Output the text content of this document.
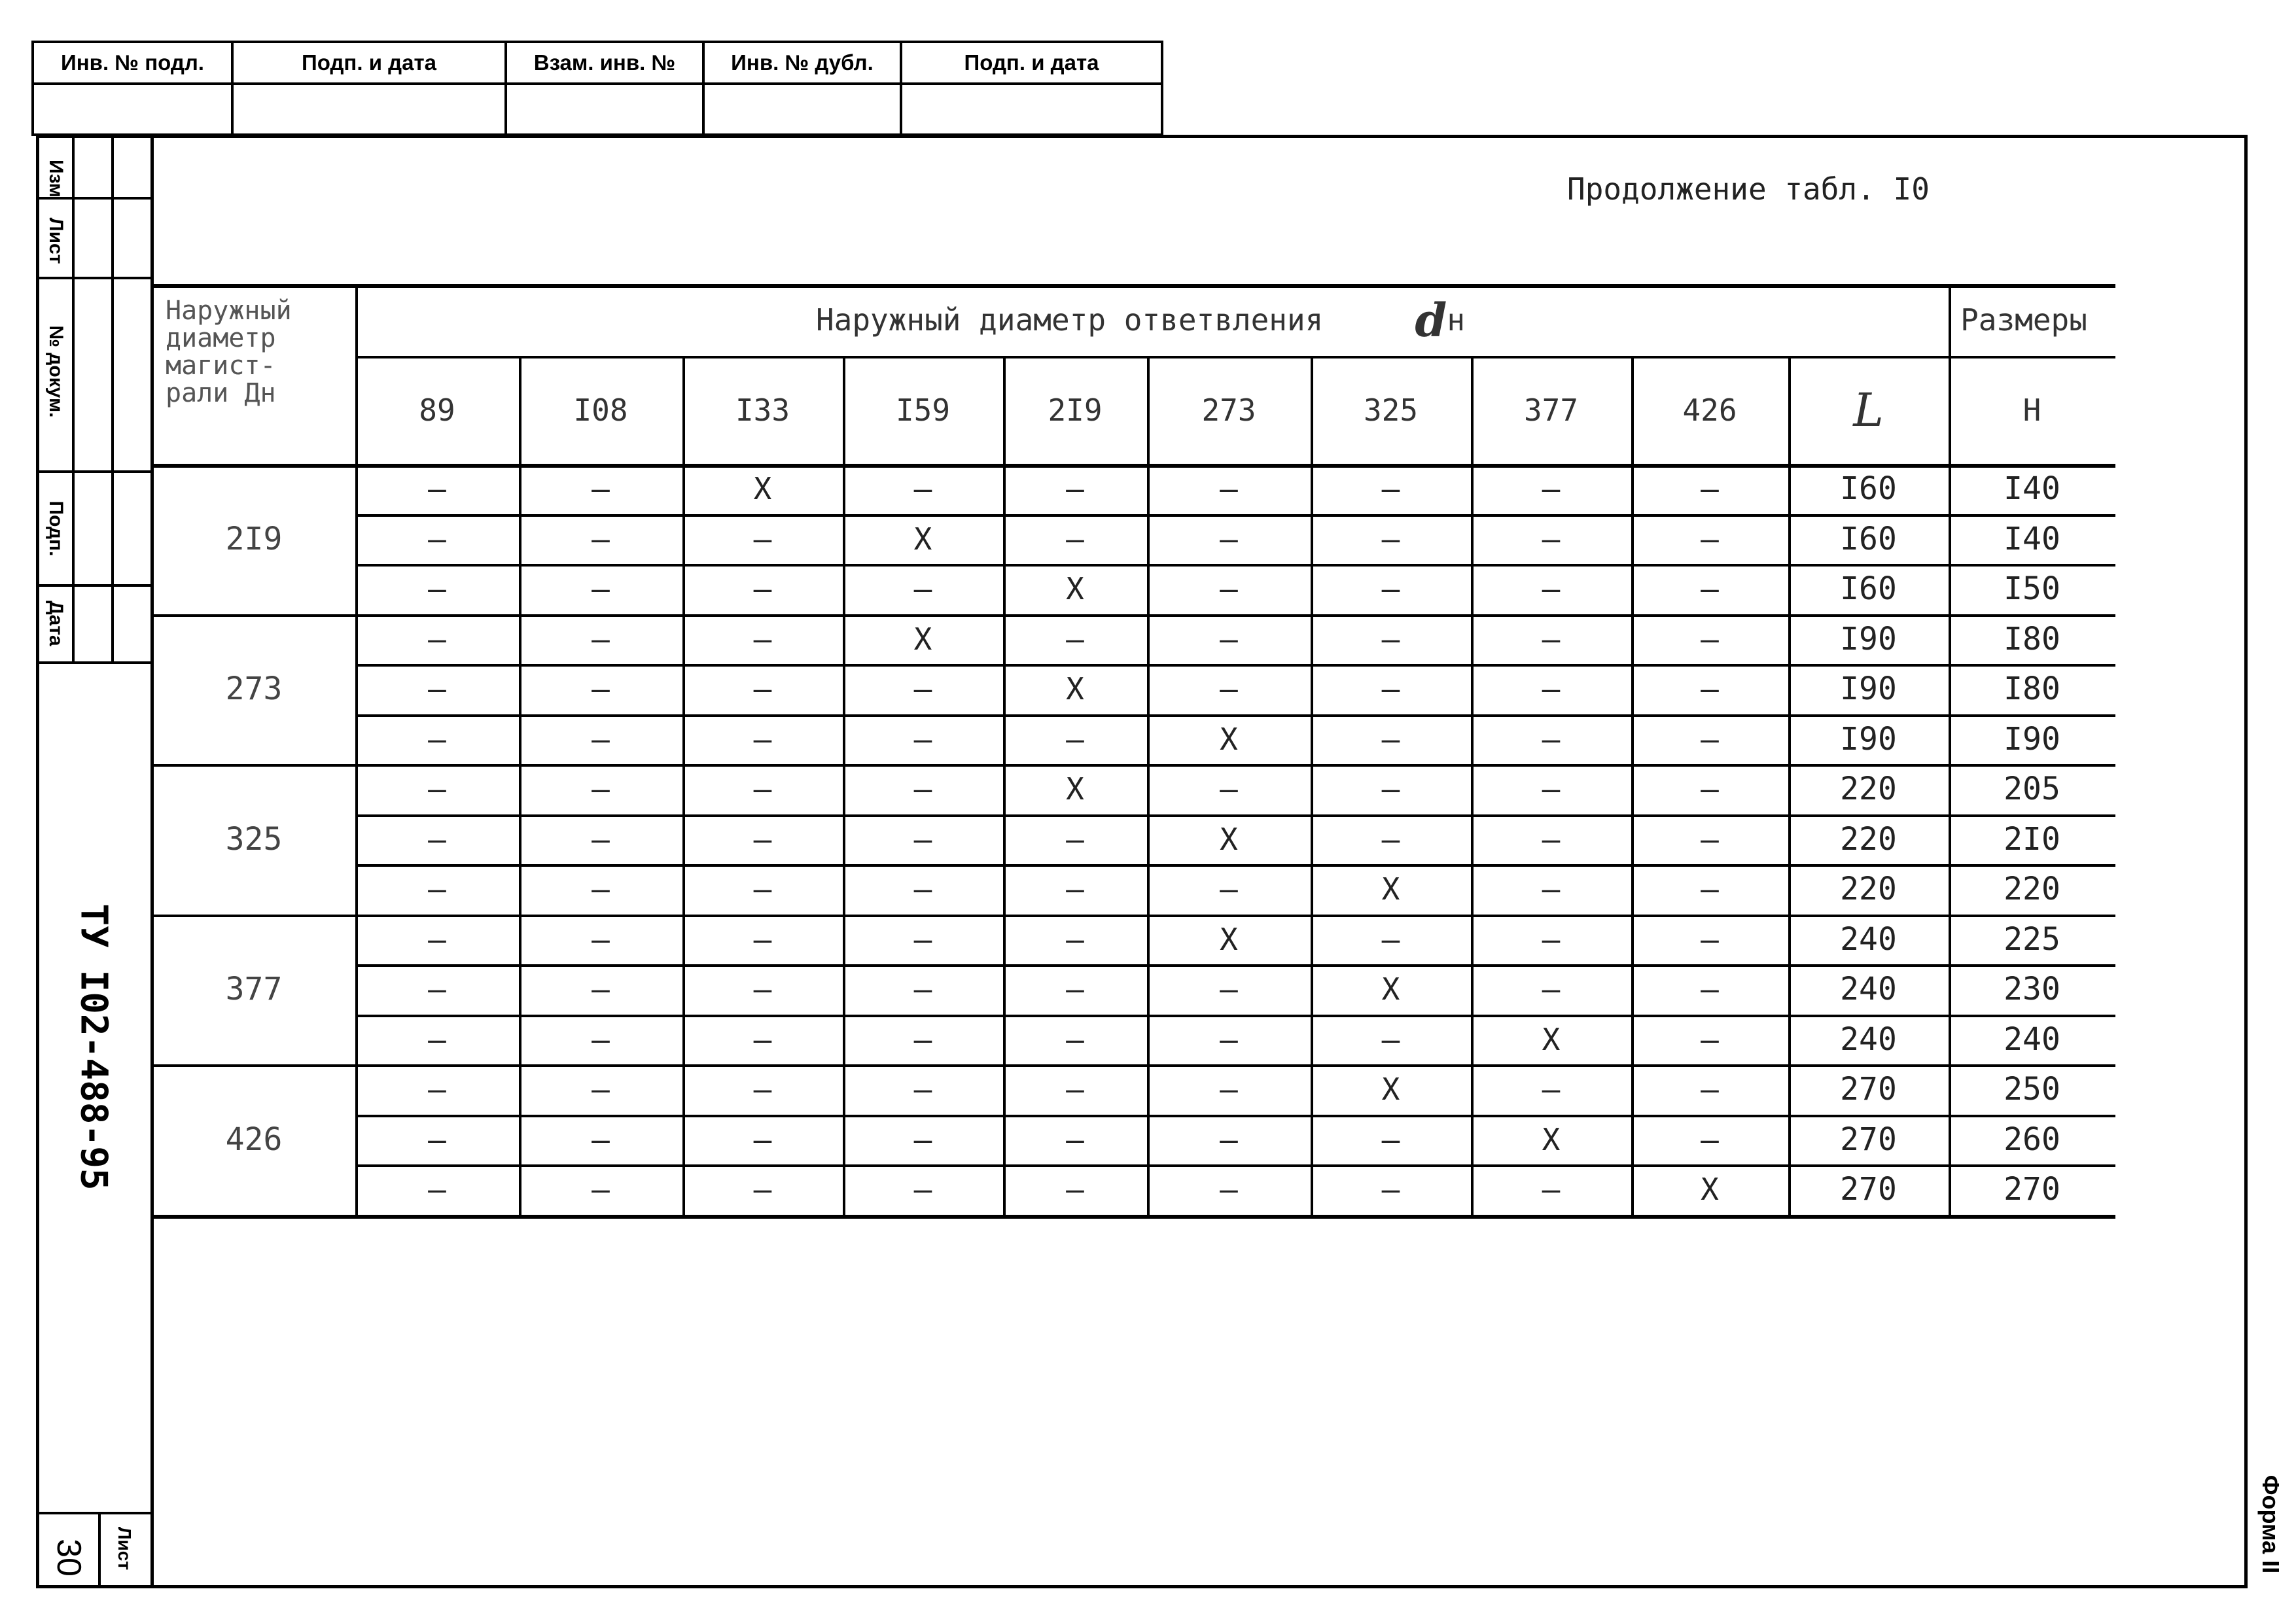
Инв. № подл.	Подп. и дата	Взам. инв. №	Инв. № дубл.	Подп. и дата
Изм
Лист
№ докум.
Подп.
Дата
30 Лист
ТУ I02-488-95
Форма II
Продолжение табл. I0
Наружный
диаметр
магист-
рали Дн
Наружный диаметр ответвления d н	Размеры
89	I08	I33	I59	2I9	273	325	377	426	L	H
2I9
–	–	X	–	–	–	–	–	–	I60	I40
–	–	–	X	–	–	–	–	–	I60	I40
–	–	–	–	X	–	–	–	–	I60	I50
273
–	–	–	X	–	–	–	–	–	I90	I80
–	–	–	–	X	–	–	–	–	I90	I80
–	–	–	–	–	X	–	–	–	I90	I90
325
–	–	–	–	X	–	–	–	–	220	205
–	–	–	–	–	X	–	–	–	220	2I0
–	–	–	–	–	–	X	–	–	220	220
377
–	–	–	–	–	X	–	–	–	240	225
–	–	–	–	–	–	X	–	–	240	230
–	–	–	–	–	–	–	X	–	240	240
426
–	–	–	–	–	–	X	–	–	270	250
–	–	–	–	–	–	–	X	–	270	260
–	–	–	–	–	–	–	–	X	270	270
